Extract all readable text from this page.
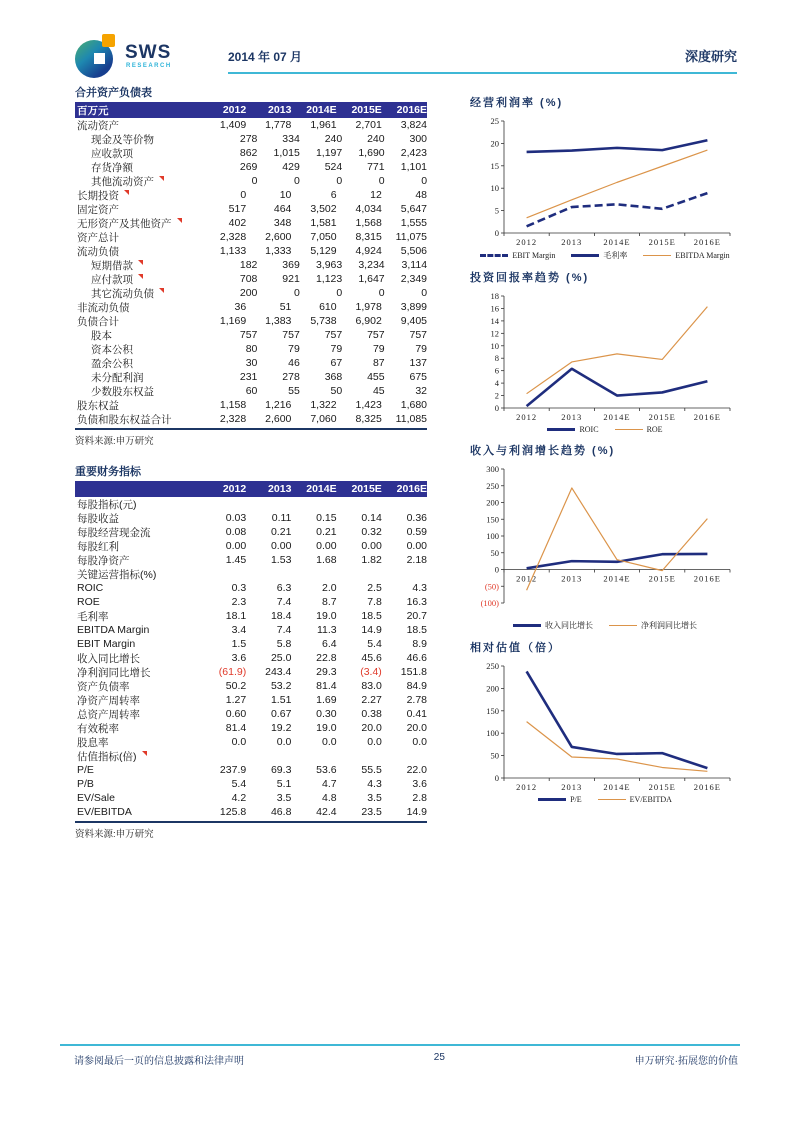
SWS
RESEARCH
2014 年 07 月	深度研究
合并资产负债表
百万元	2012	2013	2014E	2015E	2016E
流动资产	1,409	1,778	1,961	2,701	3,824
现金及等价物	278	334	240	240	300
应收款项	862	1,015	1,197	1,690	2,423
存货净额	269	429	524	771	1,101
其他流动资产	0	0	0	0	0
长期投资	0	10	6	12	48
固定资产	517	464	3,502	4,034	5,647
无形资产及其他资产	402	348	1,581	1,568	1,555
资产总计	2,328	2,600	7,050	8,315	11,075
流动负债	1,133	1,333	5,129	4,924	5,506
短期借款	182	369	3,963	3,234	3,114
应付款项	708	921	1,123	1,647	2,349
其它流动负债	200	0	0	0	0
非流动负债	36	51	610	1,978	3,899
负债合计	1,169	1,383	5,738	6,902	9,405
股本	757	757	757	757	757
资本公积	80	79	79	79	79
盈余公积	30	46	67	87	137
未分配利润	231	278	368	455	675
少数股东权益	60	55	50	45	32
股东权益	1,158	1,216	1,322	1,423	1,680
负债和股东权益合计	2,328	2,600	7,060	8,325	11,085
资料来源:申万研究
重要财务指标
2012	2013	2014E	2015E	2016E
每股指标(元)
每股收益	0.03	0.11	0.15	0.14	0.36
每股经营现金流	0.08	0.21	0.21	0.32	0.59
每股红利	0.00	0.00	0.00	0.00	0.00
每股净资产	1.45	1.53	1.68	1.82	2.18
关键运营指标(%)
ROIC	0.3	6.3	2.0	2.5	4.3
ROE	2.3	7.4	8.7	7.8	16.3
毛利率	18.1	18.4	19.0	18.5	20.7
EBITDA Margin	3.4	7.4	11.3	14.9	18.5
EBIT Margin	1.5	5.8	6.4	5.4	8.9
收入同比增长	3.6	25.0	22.8	45.6	46.6
净利润同比增长	(61.9)	243.4	29.3	(3.4)	151.8
资产负债率	50.2	53.2	81.4	83.0	84.9
净资产周转率	1.27	1.51	1.69	2.27	2.78
总资产周转率	0.60	0.67	0.30	0.38	0.41
有效税率	81.4	19.2	19.0	20.0	20.0
股息率	0.0	0.0	0.0	0.0	0.0
估值指标(倍)
P/E	237.9	69.3	53.6	55.5	22.0
P/B	5.4	5.1	4.7	4.3	3.6
EV/Sale	4.2	3.5	4.8	3.5	2.8
EV/EBITDA	125.8	46.8	42.4	23.5	14.9
资料来源:申万研究
经营利润率 (%)
0
5
10
15
20
25
2012	2013 2014E 2015E 2016E
EBIT Margin	毛利率	EBITDA Margin
投资回报率趋势 (%)
0
2
4
6
8
10
12
14
16
18
2012	2013 2014E 2015E 2016E
ROIC	ROE
收入与利润增长趋势 (%)
(100)
(50)
0
50
100
150
200
250
300
2012	2013 2014E 2015E 2016E
收入同比增长	净利润同比增长
相对估值（倍）
0
50
100
150
200
250
2012	2013 2014E 2015E 2016E
P/E	EV/EBITDA
请参阅最后一页的信息披露和法律声明	25	申万研究·拓展您的价值
